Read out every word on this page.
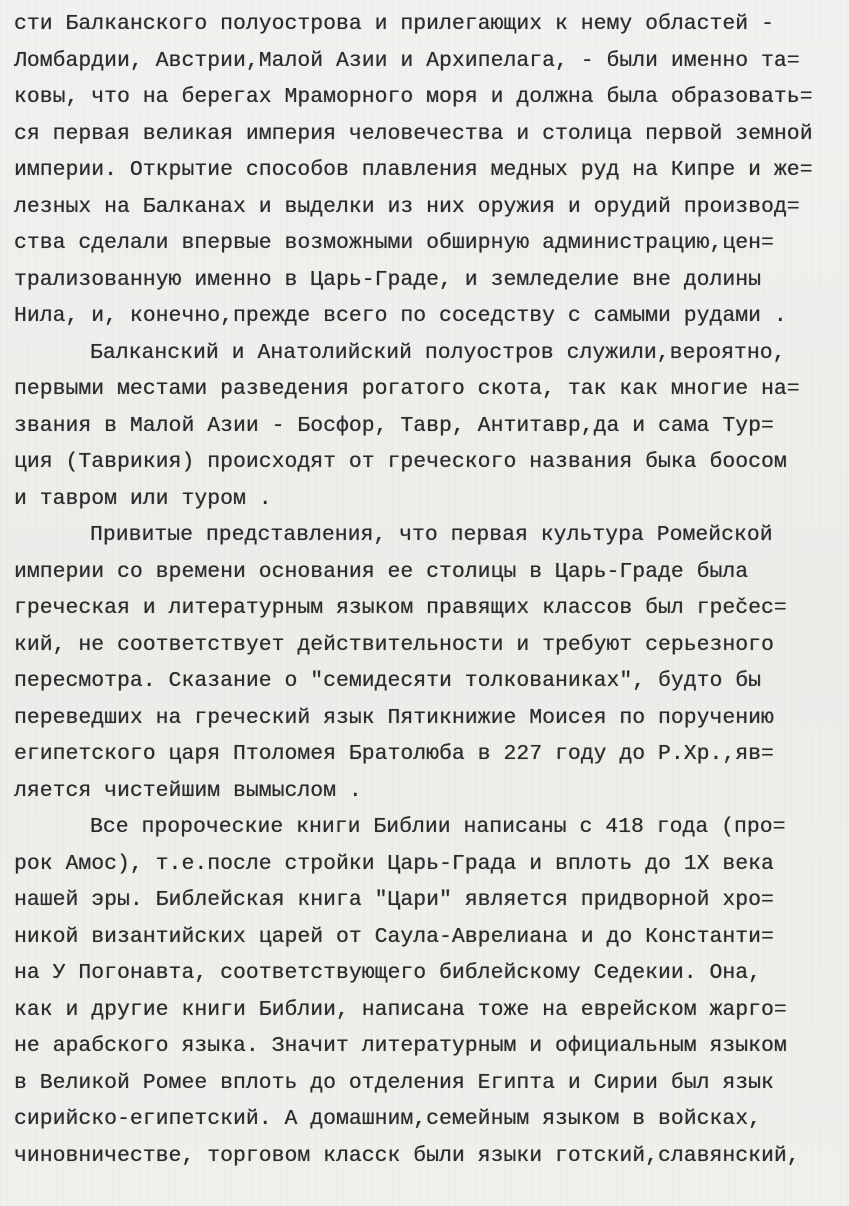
сти Балканского полуострова и прилегающих к нему областей -
Ломбардии, Австрии,Малой Азии и Архипелага, - были именно та=
ковы, что на берегах Мраморного моря и должна была образовать=
ся первая великая империя человечества и столица первой земной
империи. Открытие способов плавления медных руд на Кипре и же=
лезных на Балканах и выделки из них оружия и орудий производ=
ства сделали впервые возможными обширную администрацию,цен=
трализованную именно в Царь-Граде, и земледелие вне долины
Нила, и, конечно,прежде всего по соседству с самыми рудами .
Балканский и Анатолийский полуостров служили,вероятно,
первыми местами разведения рогатого скота, так как многие на=
звания в Малой Азии - Босфор, Тавр, Антитавр,да и сама Тур=
ция (Таврикия) происходят от греческого названия быка боосом
и тавром или туром .
Привитые представления, что первая культура Ромейской
империи со времени основания ее столицы в Царь-Граде была
греческая и литературным языком правящих классов был грečес=
кий, не соответствует действительности и требуют серьезного
пересмотра. Сказание о "семидесяти толкованиках", будто бы
переведших на греческий язык Пятикнижие Моисея по поручению
египетского царя Птоломея Братолюба в 227 году до Р.Хр.,яв=
ляется чистейшим вымыслом .
Все пророческие книги Библии написаны с 418 года (про=
рок Амос), т.е.после стройки Царь-Града и вплоть до 1Х века
нашей эры. Библейская книга "Цари" является придворной хро=
никой византийских царей от Саула-Аврелиана и до Константи=
на У Погонавта, соответствующего библейскому Седекии. Она,
как и другие книги Библии, написана тоже на еврейском жарго=
не арабского языка. Значит литературным и официальным языком
в Великой Ромее вплоть до отделения Египта и Сирии был язык
сирийско-египетский. А домашним,семейным языком в войсках,
чиновничестве, торговом класск были языки готский,славянский,
